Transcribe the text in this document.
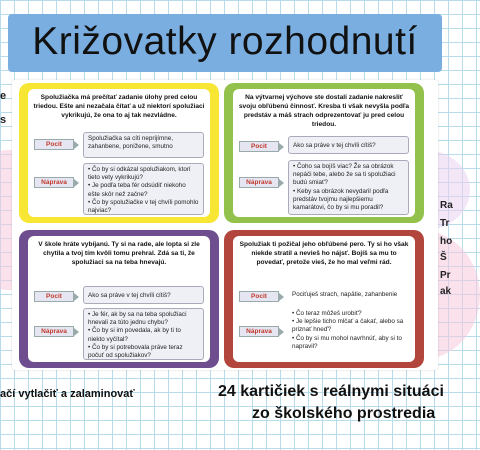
Križovatky rozhodnutí
e
s
Ra
Tr
ho
Š
Pr
ak
Spolužiačka má prečítať zadanie úlohy pred celou triedou. Ešte ani nezačala čítať a už niektorí spolužiaci vykrikujú, že ona to aj tak nezvládne.
Pocit
Spolužiačka sa cíti neprijímne, zahanbene, ponížene, smutno
Náprava
• Čo by si odkázal spolužiakom, ktorí tieto vety vykrikujú?
• Je podľa teba fér odsúdiť niekoho ešte skôr než začne?
• Čo by spolužiačke v tej chvíli pomohlo najviac?
Na výtvarnej výchove ste dostali zadanie nakresliť svoju obľúbenú činnosť. Kresba ti však nevyšla podľa predstáv a máš strach odprezentovať ju pred celou triedou.
Pocit	Ako sa práve v tej chvíli cítiš?
Náprava
• Čoho sa bojíš viac? Že sa obrázok nepáči tebe, alebo že sa ti spolužiaci budú smiať?
• Keby sa obrázok nevydaril podľa predstáv tvojmu najlepšiemu kamarátovi, čo by si mu poradil?
V škole hráte vybíjanú. Ty si na rade, ale lopta si zle chytila a tvoj tím kvôli tomu prehral. Zdá sa ti, že spolužiaci sa na teba hnevajú.
Pocit	Ako sa práve v tej chvíli cítiš?
Náprava
• Je fér, ak by sa na teba spolužiaci hnevali za túto jednu chybu?
• Čo by si im povedala, ak by ti to niekto vyčítal?
• Čo by si potrebovala práve teraz počuť od spolužiakov?
Spolužiak ti požičal jeho obľúbené pero. Ty si ho však niekde stratil a nevieš ho nájsť. Bojíš sa mu to povedať, pretože vieš, že ho mal veľmi rád.
Pocit	Pociťuješ strach, napätie, zahanbenie
Náprava
• Čo teraz môžeš urobiť?
• Je lepšie ticho mlčať a čakať, alebo sa priznať hneď?
• Čo by si mu mohol navrhnúť, aby si to napravil?
ačí vytlačiť a zalaminovať	24 kartičiek s reálnymi situáci
zo školského prostredia
